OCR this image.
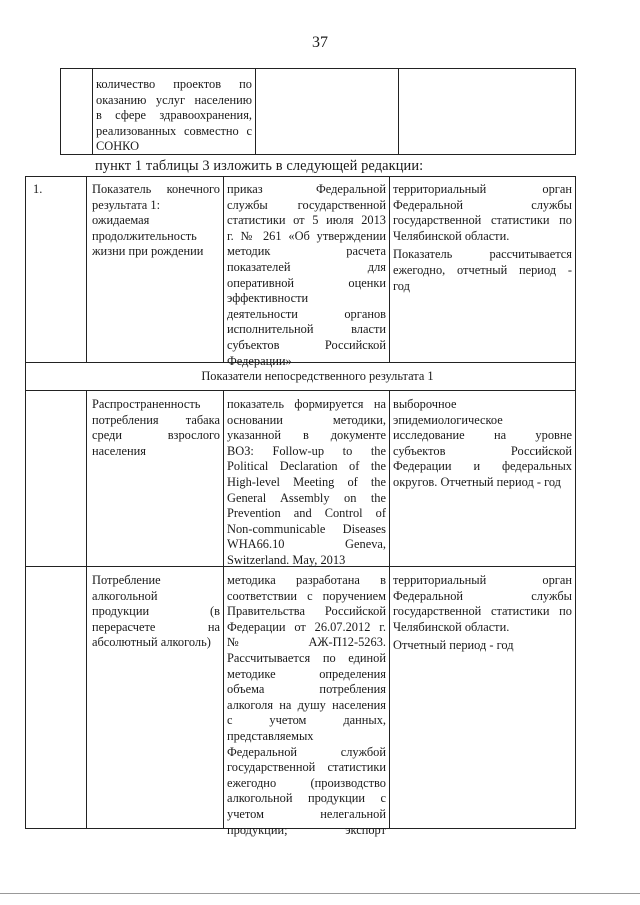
37
количество проектов по
оказанию услуг населению
в сфере здравоохранения,
реализованных совместно с
СОНКО
пункт 1 таблицы 3 изложить в следующей редакции:
1.	Показатель конечного
результата 1:
ожидаемая
продолжительность
жизни при рождении
приказ Федеральной
службы государственной
статистики от 5 июля 2013
г. № 261 «Об утверждении
методик расчета
показателей для
оперативной оценки
эффективности
деятельности органов
исполнительной власти
субъектов Российской
Федерации»
территориальный орган
Федеральной службы
государственной статистики по
Челябинской области.
Показатель рассчитывается
ежегодно, отчетный период -
год
Показатели непосредственного результата 1
Распространенность
потребления табака
среди взрослого
населения
показатель формируется на
основании методики,
указанной в документе
ВОЗ: Follow-up to the
Political Declaration of the
High-level Meeting of the
General Assembly on the
Prevention and Control of
Non-communicable Diseases
WHA66.10 Geneva,
Switzerland. May, 2013
выборочное
эпидемиологическое
исследование на уровне
субъектов Российской
Федерации и федеральных
округов. Отчетный период - год
Потребление
алкогольной
продукции (в
перерасчете на
абсолютный алкоголь)
методика разработана в
соответствии с поручением
Правительства Российской
Федерации от 26.07.2012 г.
№ АЖ-П12-5263.
Рассчитывается по единой
методике определения
объема потребления
алкоголя на душу населения
с учетом данных,
представляемых
Федеральной службой
государственной статистики
ежегодно (производство
алкогольной продукции с
учетом нелегальной
продукции; экспорт
территориальный орган
Федеральной службы
государственной статистики по
Челябинской области.
Отчетный период - год
